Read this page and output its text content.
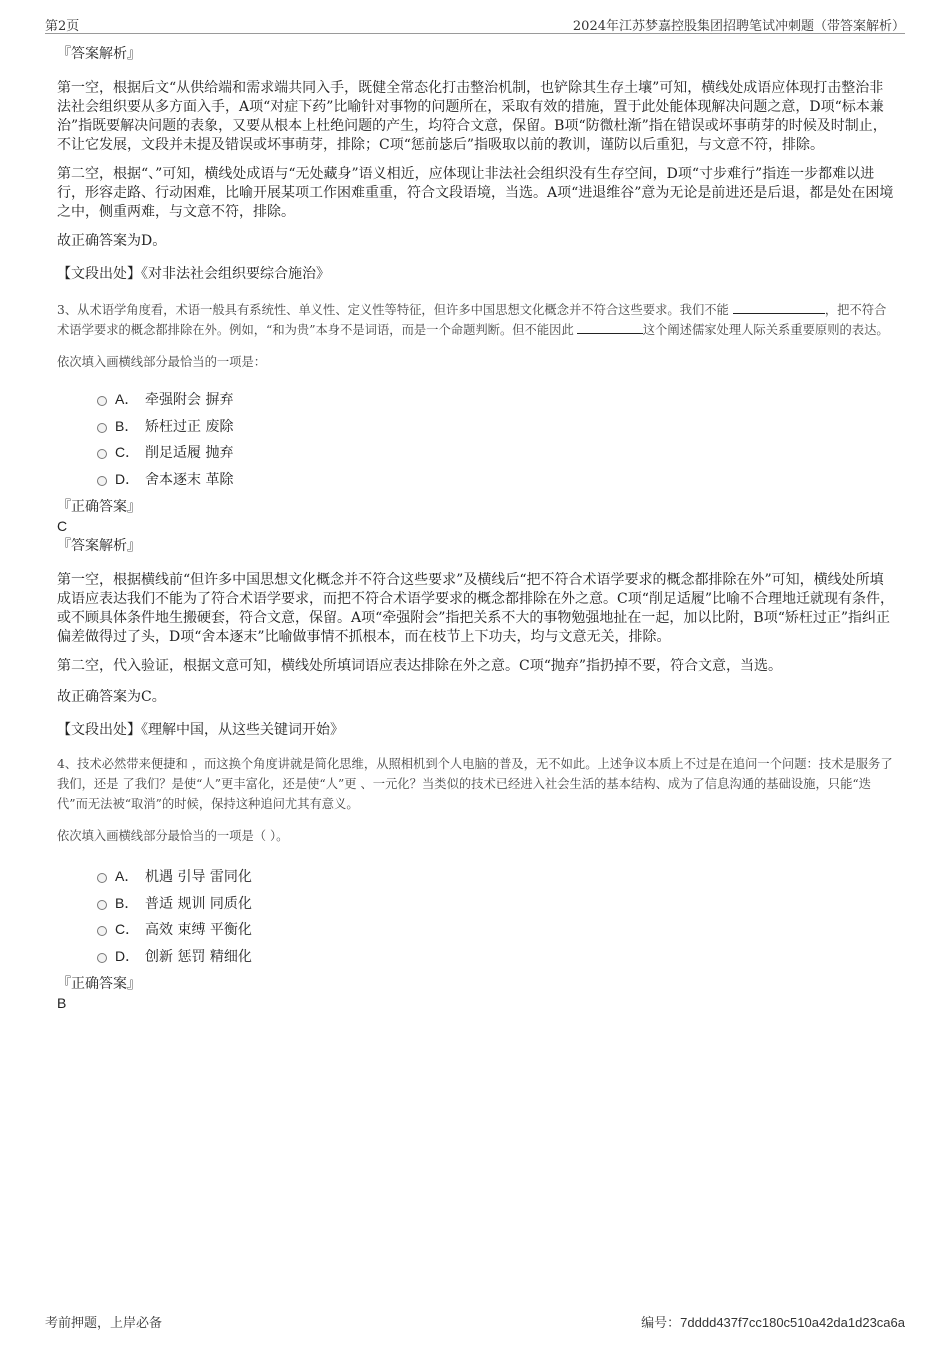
第2页	2024年江苏梦嘉控股集团招聘笔试冲刺题（带答案解析）

『答案解析』

第一空，根据后文“从供给端和需求端共同入手，既健全常态化打击整治机制，也铲除其生存土壤”可知，横线处成语应体现打击整治非法社会组织要从多方面入手，A项“对症下药”比喻针对事物的问题所在，采取有效的措施，置于此处能体现解决问题之意，D项“标本兼治”指既要解决问题的表象，又要从根本上杜绝问题的产生，均符合文意，保留。B项“防微杜渐”指在错误或坏事萌芽的时候及时制止，不让它发展，文段并未提及错误或坏事萌芽，排除；C项“惩前毖后”指吸取以前的教训，谨防以后重犯，与文意不符，排除。

第二空，根据“、”可知，横线处成语与“无处藏身”语义相近，应体现让非法社会组织没有生存空间，D项“寸步难行”指连一步都难以进行，形容走路、行动困难，比喻开展某项工作困难重重，符合文段语境，当选。A项“进退维谷”意为无论是前进还是后退，都是处在困境之中，侧重两难，与文意不符，排除。

故正确答案为D。

【文段出处】《对非法社会组织要综合施治》

3、从术语学角度看，术语一般具有系统性、单义性、定义性等特征，但许多中国思想文化概念并不符合这些要求。我们不能	，把不符合术语学要求的概念都排除在外。例如，“和为贵”本身不是词语，而是一个命题判断。但不能因此	这个阐述儒家处理人际关系重要原则的表达。

依次填入画横线部分最恰当的一项是：

A． 牵强附会 摒弃
B． 矫枉过正 废除
C． 削足适履 抛弃
D． 舍本逐末 革除

『正确答案』

C

『答案解析』

第一空，根据横线前“但许多中国思想文化概念并不符合这些要求”及横线后“把不符合术语学要求的概念都排除在外”可知，横线处所填成语应表达我们不能为了符合术语学要求，而把不符合术语学要求的概念都排除在外之意。C项“削足适履”比喻不合理地迁就现有条件，或不顾具体条件地生搬硬套，符合文意，保留。A项“牵强附会”指把关系不大的事物勉强地扯在一起，加以比附，B项“矫枉过正”指纠正偏差做得过了头，D项“舍本逐末”比喻做事情不抓根本，而在枝节上下功夫，均与文意无关，排除。

第二空，代入验证，根据文意可知，横线处所填词语应表达排除在外之意。C项“抛弃”指扔掉不要，符合文意，当选。

故正确答案为C。

【文段出处】《理解中国，从这些关键词开始》

4、技术必然带来便捷和 ，而这换个角度讲就是简化思维，从照相机到个人电脑的普及，无不如此。上述争议本质上不过是在追问一个问题：技术是服务了我们，还是 了我们？是使“人”更丰富化，还是使“人”更 、一元化？当类似的技术已经进入社会生活的基本结构、成为了信息沟通的基础设施，只能“迭代”而无法被“取消”的时候，保持这种追问尤其有意义。

依次填入画横线部分最恰当的一项是（ ）。

A． 机遇 引导 雷同化
B． 普适 规训 同质化
C． 高效 束缚 平衡化
D． 创新 惩罚 精细化

『正确答案』

B

考前押题，上岸必备	编号：7dddd437f7cc180c510a42da1d23ca6a
